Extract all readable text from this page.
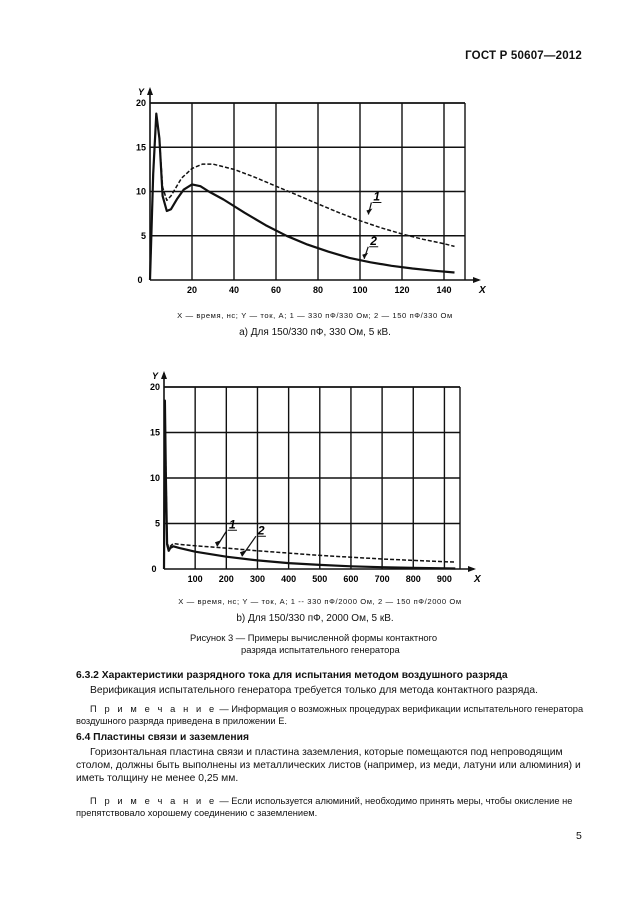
ГОСТ Р 50607—2012
Y
X
0
20	40	60	80	100	120	140
5
10
15
20
1
2
X — время, нс; Y — ток, А; 1 — 330 пФ/330 Ом; 2 — 150 пФ/330 Ом
а) Для 150/330 пФ, 330 Ом, 5 кВ.
Y
X
0
100 200 300 400 500 600 700 800 900
5
10
15
20
1 2
X — время, нс; Y — ток, А; 1 -- 330 пФ/2000 Ом, 2 — 150 пФ/2000 Ом
b) Для 150/330 пФ, 2000 Ом, 5 кВ.
Рисунок 3 — Примеры вычисленной формы контактного
разряда испытательного генератора
6.3.2 Характеристики разрядного тока для испытания методом воздушного разряда
Верификация испытательного генератора требуется только для метода контактного разряда.
П р и м е ч а н и е — Информация о возможных процедурах верификации испытательного генератора воздушного разряда приведена в приложении Е.
6.4 Пластины связи и заземления
Горизонтальная пластина связи и пластина заземления, которые помещаются под непроводящим столом, должны быть выполнены из металлических листов (например, из меди, латуни или алюминия) и иметь толщину не менее 0,25 мм.
П р и м е ч а н и е — Если используется алюминий, необходимо принять меры, чтобы окисление не препятствовало хорошему соединению с заземлением.
5
